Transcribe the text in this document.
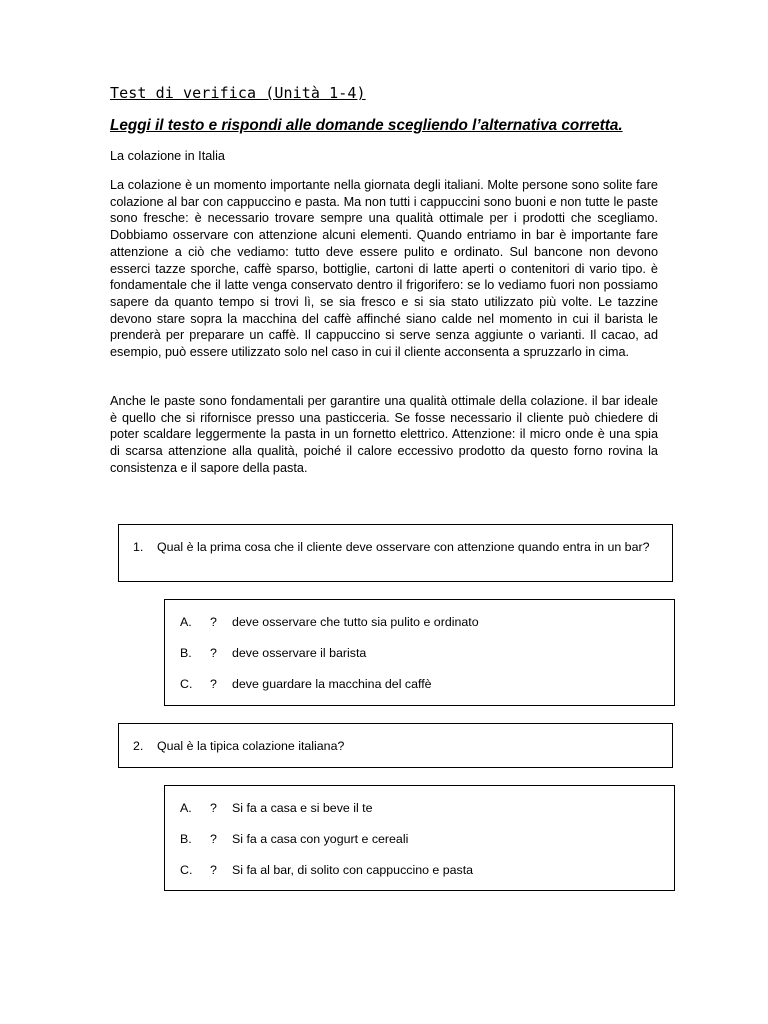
Test di verifica (Unità 1-4)
Leggi il testo e rispondi alle domande scegliendo l’alternativa corretta.
La colazione in Italia

La colazione è un momento importante nella giornata degli italiani. Molte persone sono solite fare colazione al bar con cappuccino e pasta. Ma non tutti i cappuccini sono buoni e non tutte le paste sono fresche: è necessario trovare sempre una qualità ottimale per i prodotti che scegliamo. Dobbiamo osservare con attenzione alcuni elementi. Quando entriamo in bar è importante fare attenzione a ciò che vediamo: tutto deve essere pulito e ordinato. Sul bancone non devono esserci tazze sporche, caffè sparso, bottiglie, cartoni di latte aperti o contenitori di vario tipo. è fondamentale che il latte venga conservato dentro il frigorifero: se lo vediamo fuori non possiamo sapere da quanto tempo si trovi lì, se sia fresco e si sia stato utilizzato più volte. Le tazzine devono stare sopra la macchina del caffè affinché siano calde nel momento in cui il barista le prenderà per preparare un caffè. Il cappuccino si serve senza aggiunte o varianti. Il cacao, ad esempio, può essere utilizzato solo nel caso in cui il cliente acconsenta a spruzzarlo in cima.

Anche le paste sono fondamentali per garantire una qualità ottimale della colazione. il bar ideale è quello che si rifornisce presso una pasticceria. Se fosse necessario il cliente può chiedere di poter scaldare leggermente la pasta in un fornetto elettrico. Attenzione: il micro onde è una spia di scarsa attenzione alla qualità, poiché il calore eccessivo prodotto da questo forno rovina la consistenza e il sapore della pasta.

1. Qual è la prima cosa che il cliente deve osservare con attenzione quando entra in un bar?
A. ? deve osservare che tutto sia pulito e ordinato
B. ? deve osservare il barista
C. ? deve guardare la macchina del caffè
2. Qual è la tipica colazione italiana?
A. ? Si fa a casa e si beve il te
B. ? Si fa a casa con yogurt e cereali
C. ? Si fa al bar, di solito con cappuccino e pasta
